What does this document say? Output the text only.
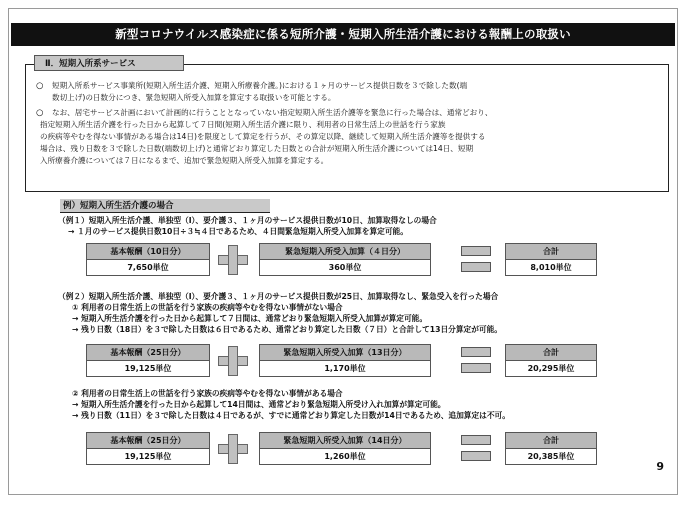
新型コロナウイルス感染症に係る短所介護・短期入所生活介護における報酬上の取扱い
Ⅱ．短期入所系サービス
○ 短期入所系サービス事業所(短期入所生活介護、短期入所療養介護。)における１ヶ月のサービス提供日数を３で除した数(端
数切上げ)の日数分につき、緊急短期入所受入加算を算定する取扱いを可能とする。
○ なお、居宅サービス計画において計画的に行うこととなっていない指定短期入所生活介護等を緊急に行った場合は、通常どおり、
指定短期入所生活介護を行った日から起算して７日間(短期入所生活介護に限り、利用者の日常生活上の世話を行う家族
の疾病等やむを得ない事情がある場合は14日)を限度として算定を行うが、その算定以降、継続して短期入所生活介護等を提供する
場合は、残り日数を３で除した日数(端数切上げ)と通常どおり算定した日数との合計が短期入所生活介護については14日、短期
入所療養介護については７日になるまで、追加で緊急短期入所受入加算を算定する。
例）短期入所生活介護の場合
（例１）短期入所生活介護、単独型（Ⅰ）、要介護３、１ヶ月のサービス提供日数が10日、加算取得なしの場合
→ １月のサービス提供日数10日÷３≒４日であるため、４日間緊急短期入所受入加算を算定可能。
基本報酬（10日分）
7,650単位
緊急短期入所受入加算（４日分）
360単位
合計
8,010単位
（例２）短期入所生活介護、単独型（Ⅰ）、要介護３、１ヶ月のサービス提供日数が25日、加算取得なし、緊急受入を行った場合
① 利用者の日常生活上の世話を行う家族の疾病等やむを得ない事情がない場合
→ 短期入所生活介護を行った日から起算して７日間は、通常どおり緊急短期入所受入加算が算定可能。
→ 残り日数（18日）を３で除した日数は６日であるため、通常どおり算定した日数（７日）と合計して13日分算定が可能。
基本報酬（25日分）
19,125単位
緊急短期入所受入加算（13日分）
1,170単位
合計
20,295単位
② 利用者の日常生活上の世話を行う家族の疾病等やむを得ない事情がある場合
→ 短期入所生活介護を行った日から起算して14日間は、通常どおり緊急短期入所受け入れ加算が算定可能。
→ 残り日数（11日）を３で除した日数は４日であるが、すでに通常どおり算定した日数が14日であるため、追加算定は不可。
基本報酬（25日分）
19,125単位
緊急短期入所受入加算（14日分）
1,260単位
合計
20,385単位
9
